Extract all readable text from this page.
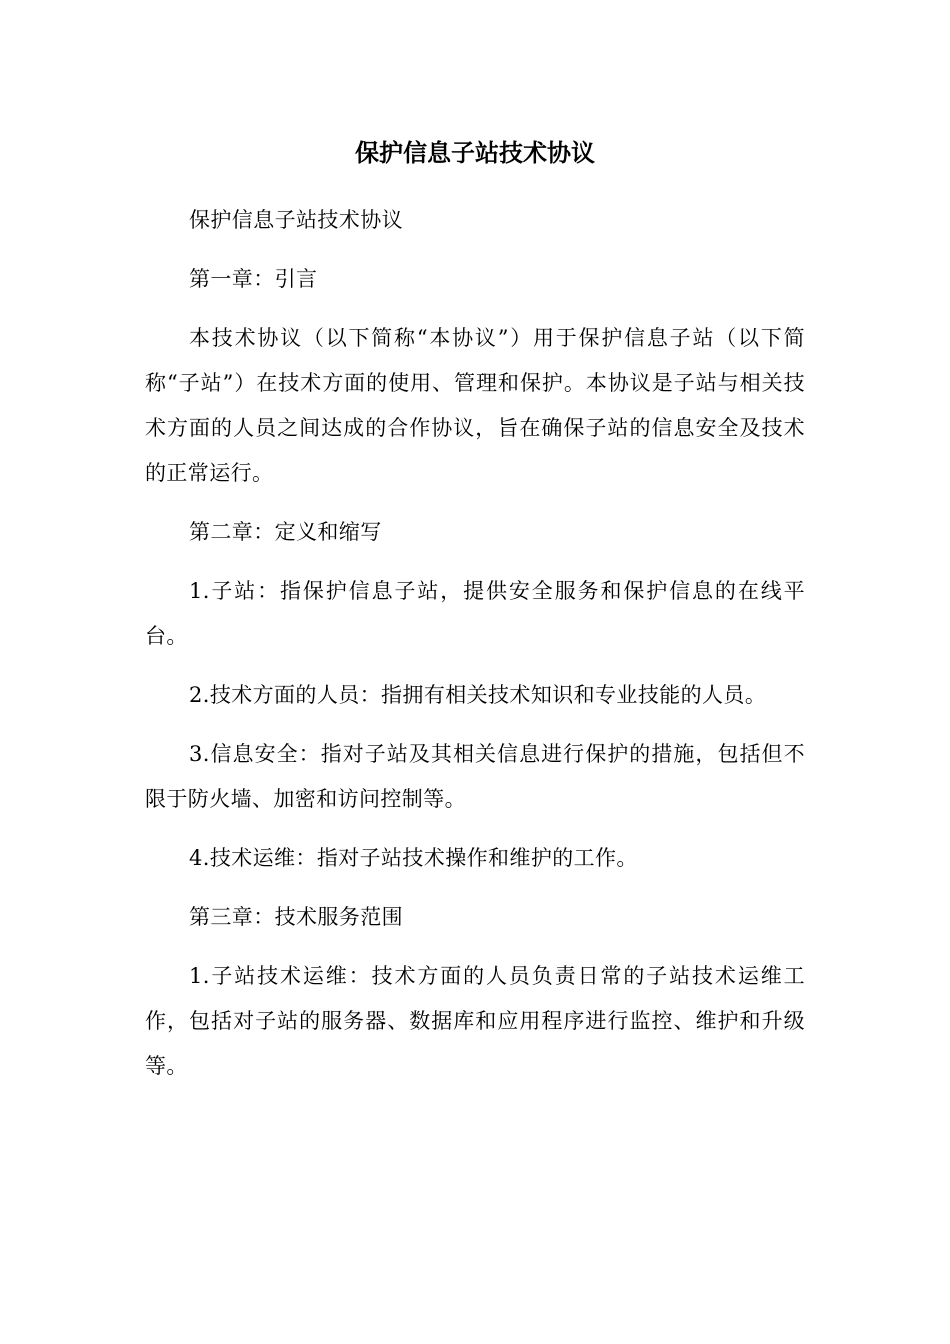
保护信息子站技术协议

保护信息子站技术协议

第一章：引言

本技术协议（以下简称“本协议”）用于保护信息子站（以下简称“子站”）在技术方面的使用、管理和保护。本协议是子站与相关技术方面的人员之间达成的合作协议，旨在确保子站的信息安全及技术的正常运行。

第二章：定义和缩写

1.子站：指保护信息子站，提供安全服务和保护信息的在线平台。

2.技术方面的人员：指拥有相关技术知识和专业技能的人员。

3.信息安全：指对子站及其相关信息进行保护的措施，包括但不限于防火墙、加密和访问控制等。

4.技术运维：指对子站技术操作和维护的工作。

第三章：技术服务范围

1.子站技术运维：技术方面的人员负责日常的子站技术运维工作，包括对子站的服务器、数据库和应用程序进行监控、维护和升级等。
